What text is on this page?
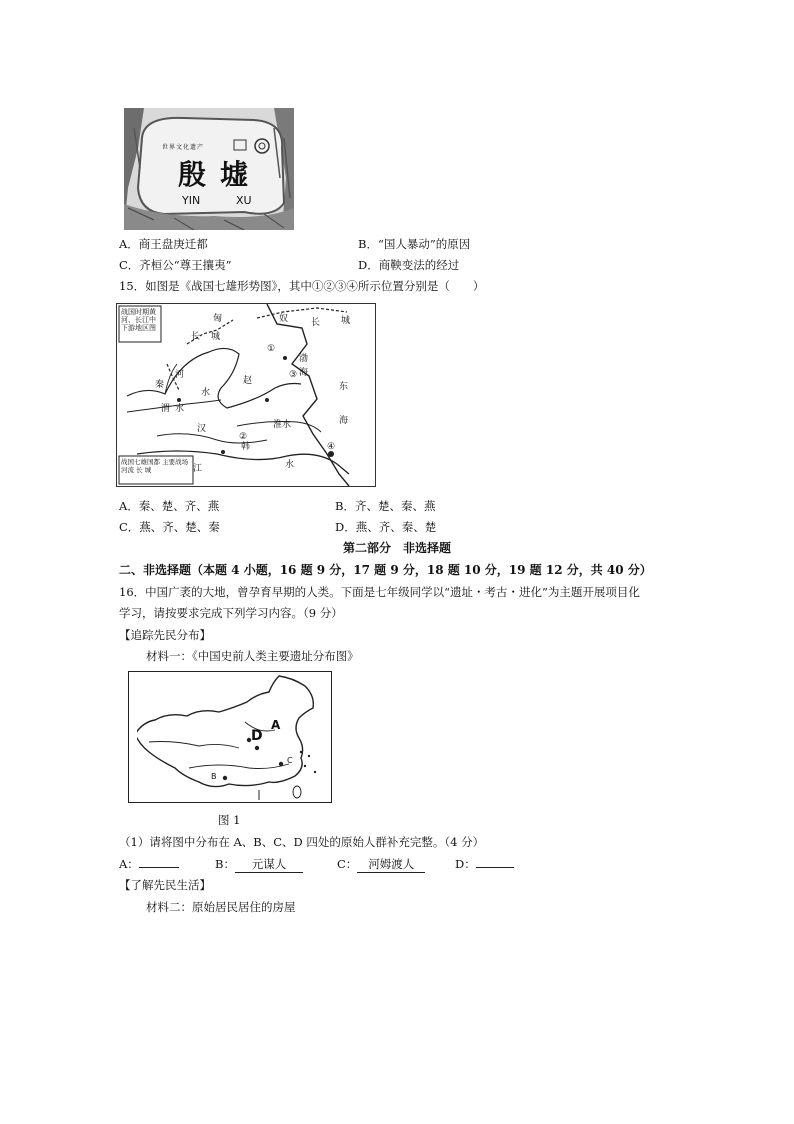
世界文化遗产
殷墟
YIN	XU
A．商王盘庚迁都	B．“国人暴动”的原因
C．齐桓公“尊王攘夷”	D．商鞅变法的经过
15．如图是《战国七雄形势图》，其中①②③④所示位置分别是（　　）
战国时期黄河、长江中下游地区图
战国七雄国都 主要战场 河流 长 城
匈	奴	长 城
长 城
秦
河
赵
渤
海
东
海
水
渭 水
汉	淮水
韩
江	水
①
②
③
④
A．秦、楚、齐、燕	B．齐、楚、秦、燕
C．燕、齐、楚、秦	D．燕、齐、秦、楚
第二部分　非选择题
二、非选择题（本题 4 小题，16 题 9 分，17 题 9 分，18 题 10 分，19 题 12 分，共 40 分）
16．中国广袤的大地，曾孕育早期的人类。下面是七年级同学以“遗址・考古・进化”为主题开展项目化
学习，请按要求完成下列学习内容。（9 分）
【追踪先民分布】
材料一：《中国史前人类主要遗址分布图》
A
B
C
D
图 1
（1）请将图中分布在 A、B、C、D 四处的原始人群补充完整。（4 分）
A：	B： 元谋人	C： 河姆渡人	D：
【了解先民生活】
材料二：原始居民居住的房屋
